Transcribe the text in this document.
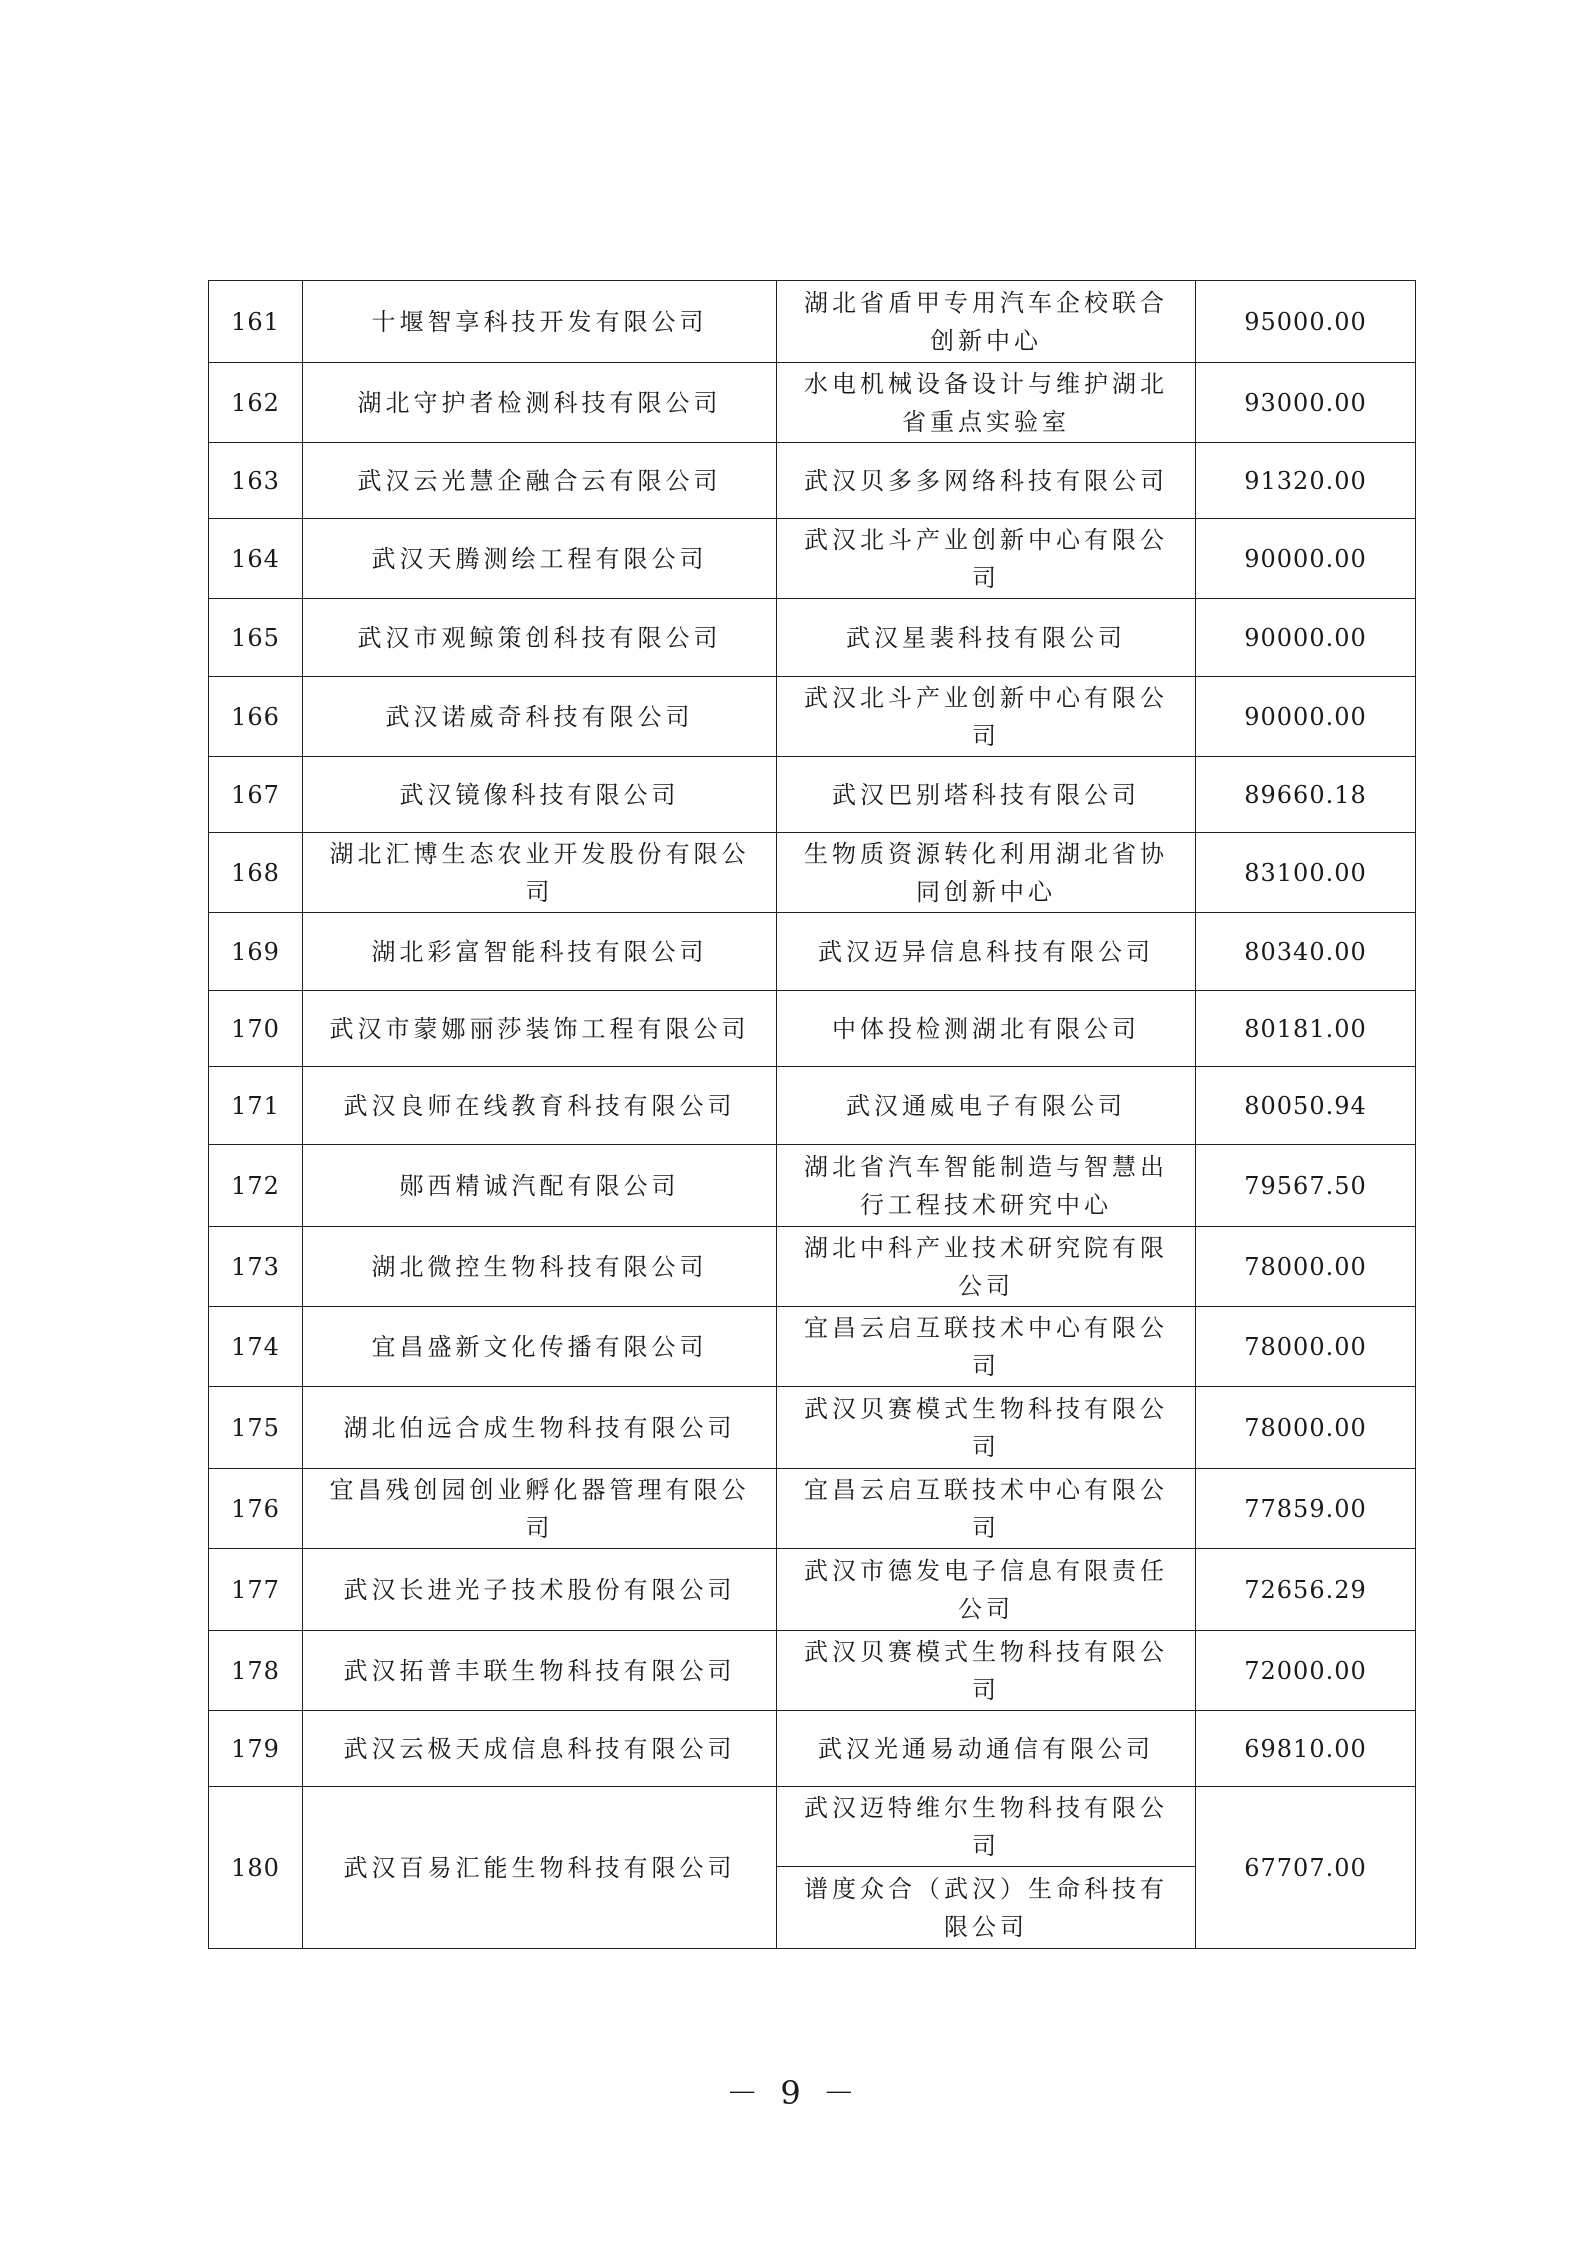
161	十堰智享科技开发有限公司	湖北省盾甲专用汽车企校联合创新中心	95000.00
162	湖北守护者检测科技有限公司	水电机械设备设计与维护湖北省重点实验室	93000.00
163	武汉云光慧企融合云有限公司	武汉贝多多网络科技有限公司	91320.00
164	武汉天腾测绘工程有限公司	武汉北斗产业创新中心有限公司	90000.00
165	武汉市观鲸策创科技有限公司	武汉星裴科技有限公司	90000.00
166	武汉诺威奇科技有限公司	武汉北斗产业创新中心有限公司	90000.00
167	武汉镜像科技有限公司	武汉巴别塔科技有限公司	89660.18
168	湖北汇博生态农业开发股份有限公司	生物质资源转化利用湖北省协同创新中心	83100.00
169	湖北彩富智能科技有限公司	武汉迈异信息科技有限公司	80340.00
170	武汉市蒙娜丽莎装饰工程有限公司	中体投检测湖北有限公司	80181.00
171	武汉良师在线教育科技有限公司	武汉通威电子有限公司	80050.94
172	郧西精诚汽配有限公司	湖北省汽车智能制造与智慧出行工程技术研究中心	79567.50
173	湖北微控生物科技有限公司	湖北中科产业技术研究院有限公司	78000.00
174	宜昌盛新文化传播有限公司	宜昌云启互联技术中心有限公司	78000.00
175	湖北伯远合成生物科技有限公司	武汉贝赛模式生物科技有限公司	78000.00
176	宜昌残创园创业孵化器管理有限公司	宜昌云启互联技术中心有限公司	77859.00
177	武汉长进光子技术股份有限公司	武汉市德发电子信息有限责任公司	72656.29
178	武汉拓普丰联生物科技有限公司	武汉贝赛模式生物科技有限公司	72000.00
179	武汉云极天成信息科技有限公司	武汉光通易动通信有限公司	69810.00
180	武汉百易汇能生物科技有限公司	武汉迈特维尔生物科技有限公司	67707.00
		谱度众合（武汉）生命科技有限公司	
－ 9 －
